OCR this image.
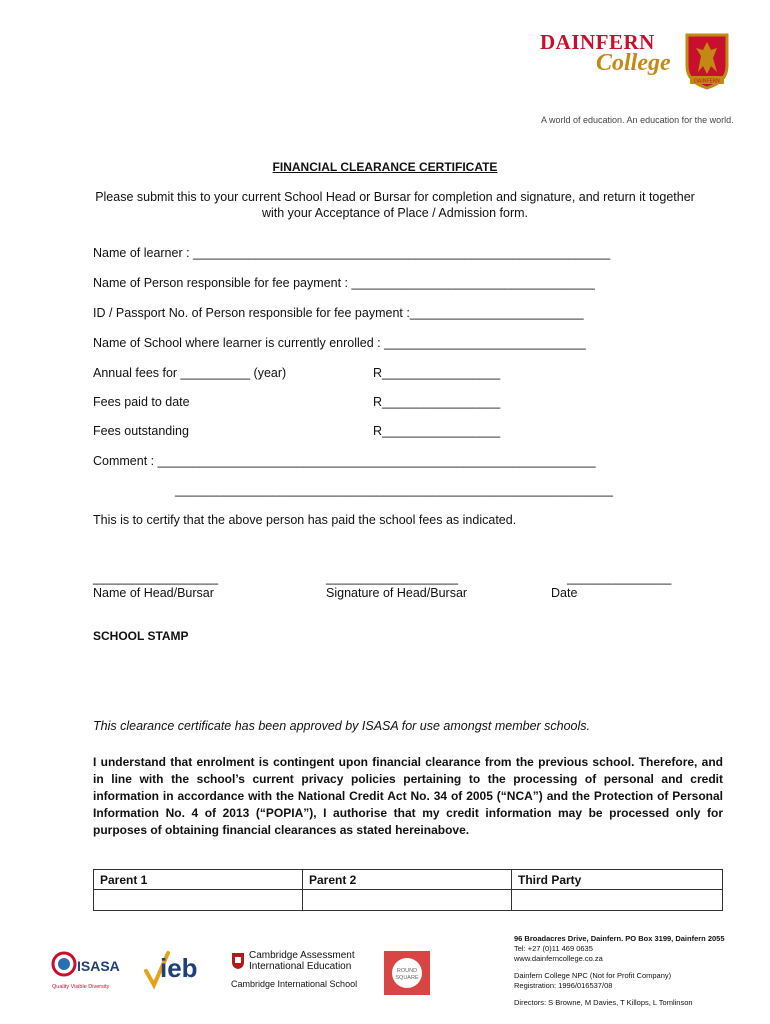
DAINFERN
College
DAINFERN
A world of education. An education for the world.
FINANCIAL CLEARANCE CERTIFICATE
Please submit this to your current School Head or Bursar for completion and signature, and return it together with your Acceptance of Place / Admission form.
Name of learner : ____________________________________________________________
Name of Person responsible for fee payment : ___________________________________
ID / Passport No. of Person responsible for fee payment :_________________________
Name of School where learner is currently enrolled : _____________________________
Annual fees for __________ (year)	R_________________
Fees paid to date	R_________________
Fees outstanding	R_________________
Comment : _______________________________________________________________
_______________________________________________________________
This is to certify that the above person has paid the school fees as indicated.
__________________	___________________	_______________
Name of Head/Bursar	Signature of Head/Bursar	Date
SCHOOL STAMP
This clearance certificate has been approved by ISASA for use amongst member schools.
I understand that enrolment is contingent upon financial clearance from the previous school. Therefore, and in line with the school’s current privacy policies pertaining to the processing of personal and credit information in accordance with the National Credit Act No. 34 of 2005 (“NCA”) and the Protection of Personal Information No. 4 of 2013 (“POPIA”), I authorise that my credit information may be processed only for purposes of obtaining financial clearances as stated hereinabove.
Parent 1	Parent 2	Third Party

ISASA
Quality Visible Diversity
ieb	Cambridge Assessment
International Education
Cambridge International School
ROUND
SQUARE
96 Broadacres Drive, Dainfern. PO Box 3199, Dainfern 2055
Tel: +27 (0)11 469 0635
www.dainferncollege.co.za
Dainfern College NPC (Not for Profit Company)
Registration: 1996/016537/08
Directors: S Browne, M Davies, T Killops, L Tomlinson
